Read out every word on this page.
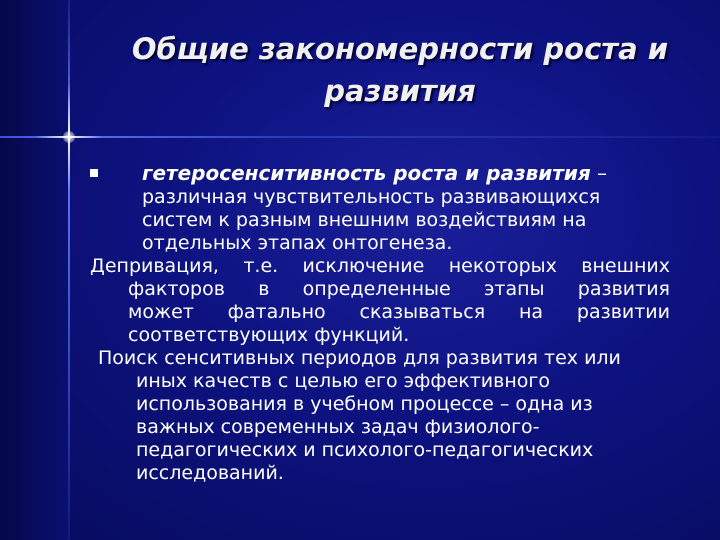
Общие закономерности роста и
развития
гетеросенситивность роста и развития –
различная чувствительность развивающихся
систем к разным внешним воздействиям на
отдельных этапах онтогенеза.
Депривация, т.е. исключение некоторых внешних
факторов в определенные этапы развития
может фатально сказываться на развитии
соответствующих функций.
Поиск сенситивных периодов для развития тех или
иных качеств с целью его эффективного
использования в учебном процессе – одна из
важных современных задач физиолого-
педагогических и психолого-педагогических
исследований.
